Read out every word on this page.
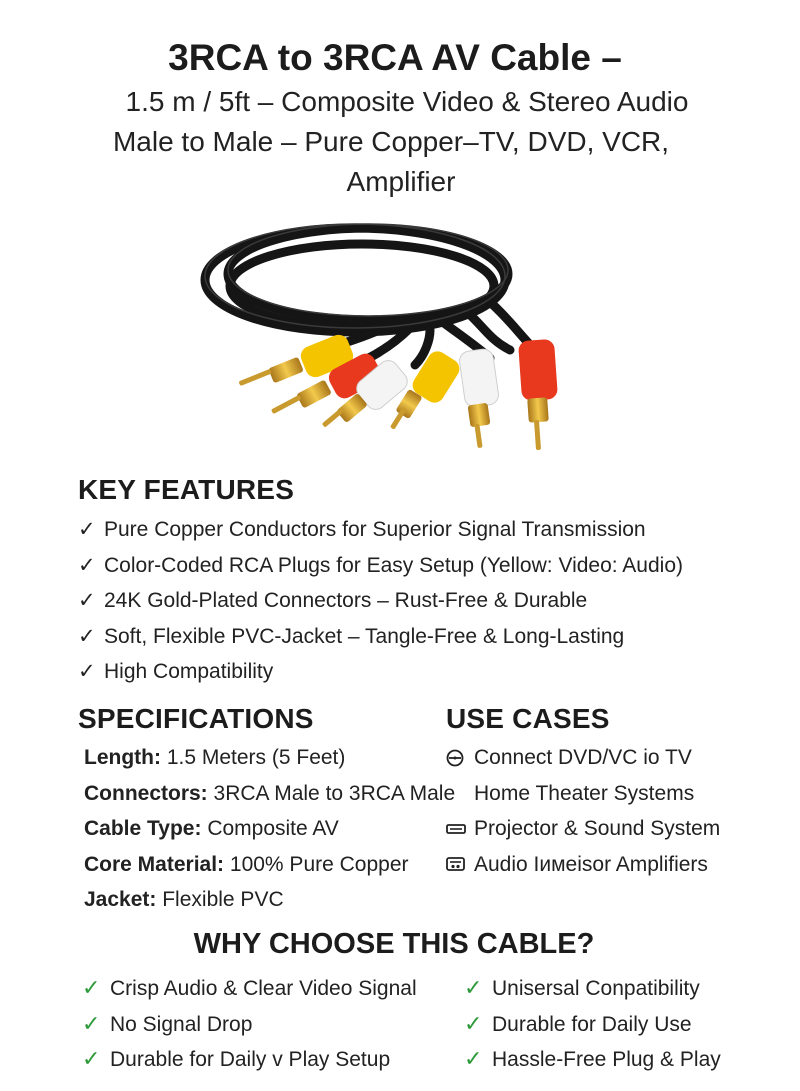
3RCA to 3RCA AV Cable –
1.5 m / 5ft – Composite Video & Stereo Audio
Male to Male – Pure Copper–TV, DVD, VCR,
Amplifier
KEY FEATURES
✓ Pure Copper Conductors for Superior Signal Transmission
✓ Color-Coded RCA Plugs for Easy Setup (Yellow: Video: Audio)
✓ 24K Gold-Plated Connectors – Rust-Free & Durable
✓ Soft, Flexible PVC-Jacket – Tangle-Free & Long-Lasting
✓ High Compatibility
SPECIFICATIONS
Length: 1.5 Meters (5 Feet)
Connectors: 3RCA Male to 3RCA Male
Cable Type: Composite AV
Core Material: 100% Pure Copper
Jacket: Flexible PVC
USE CASES
Connect DVD/VC io TV
Home Theater Systems
Projector & Sound System
Audio Iимеisor Amplifiers
WHY CHOOSE THIS CABLE?
✓ Crisp Audio & Clear Video Signal
✓ No Signal Drop
✓ Durable for Daily v Play Setup
✓ Unisersal Conpatibility
✓ Durable for Daily Use
✓ Hassle-Free Plug & Play
